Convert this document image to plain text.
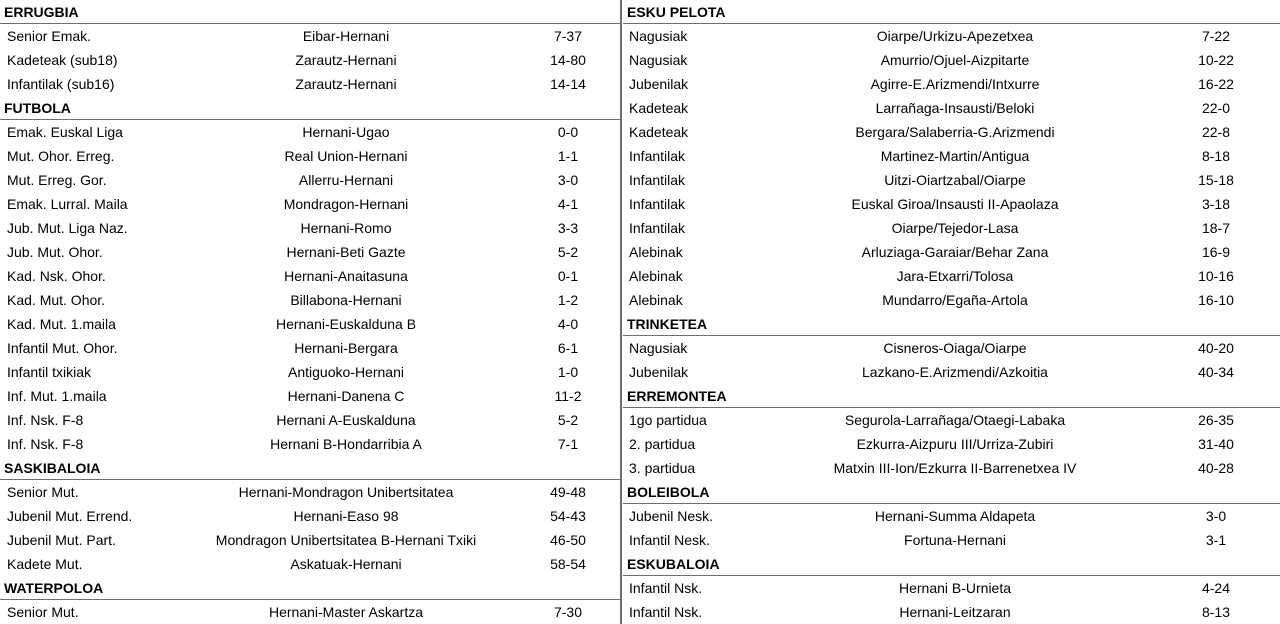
ERRUGBIA
Senior Emak.	Eibar-Hernani	7-37
Kadeteak (sub18)	Zarautz-Hernani	14-80
Infantilak (sub16)	Zarautz-Hernani	14-14
FUTBOLA
Emak. Euskal Liga	Hernani-Ugao	0-0
Mut. Ohor. Erreg.	Real Union-Hernani	1-1
Mut. Erreg. Gor.	Allerru-Hernani	3-0
Emak. Lurral. Maila	Mondragon-Hernani	4-1
Jub. Mut. Liga Naz.	Hernani-Romo	3-3
Jub. Mut. Ohor.	Hernani-Beti Gazte	5-2
Kad. Nsk. Ohor.	Hernani-Anaitasuna	0-1
Kad. Mut. Ohor.	Billabona-Hernani	1-2
Kad. Mut. 1.maila	Hernani-Euskalduna B	4-0
Infantil Mut. Ohor.	Hernani-Bergara	6-1
Infantil txikiak	Antiguoko-Hernani	1-0
Inf. Mut. 1.maila	Hernani-Danena C	11-2
Inf. Nsk. F-8	Hernani A-Euskalduna	5-2
Inf. Nsk. F-8	Hernani B-Hondarribia A	7-1
SASKIBALOIA
Senior Mut.	Hernani-Mondragon Unibertsitatea	49-48
Jubenil Mut. Errend.	Hernani-Easo 98	54-43
Jubenil Mut. Part.	Mondragon Unibertsitatea B-Hernani Txiki	46-50
Kadete Mut.	Askatuak-Hernani	58-54
WATERPOLOA
Senior Mut.	Hernani-Master Askartza	7-30
ESKU PELOTA
Nagusiak	Oiarpe/Urkizu-Apezetxea	7-22
Nagusiak	Amurrio/Ojuel-Aizpitarte	10-22
Jubenilak	Agirre-E.Arizmendi/Intxurre	16-22
Kadeteak	Larrañaga-Insausti/Beloki	22-0
Kadeteak	Bergara/Salaberria-G.Arizmendi	22-8
Infantilak	Martinez-Martin/Antigua	8-18
Infantilak	Uitzi-Oiartzabal/Oiarpe	15-18
Infantilak	Euskal Giroa/Insausti II-Apaolaza	3-18
Infantilak	Oiarpe/Tejedor-Lasa	18-7
Alebinak	Arluziaga-Garaiar/Behar Zana	16-9
Alebinak	Jara-Etxarri/Tolosa	10-16
Alebinak	Mundarro/Egaña-Artola	16-10
TRINKETEA
Nagusiak	Cisneros-Oiaga/Oiarpe	40-20
Jubenilak	Lazkano-E.Arizmendi/Azkoitia	40-34
ERREMONTEA
1go partidua	Segurola-Larrañaga/Otaegi-Labaka	26-35
2. partidua	Ezkurra-Aizpuru III/Urriza-Zubiri	31-40
3. partidua	Matxin III-Ion/Ezkurra II-Barrenetxea IV	40-28
BOLEIBOLA
Jubenil Nesk.	Hernani-Summa Aldapeta	3-0
Infantil Nesk.	Fortuna-Hernani	3-1
ESKUBALOIA
Infantil Nsk.	Hernani B-Urnieta	4-24
Infantil Nsk.	Hernani-Leitzaran	8-13
